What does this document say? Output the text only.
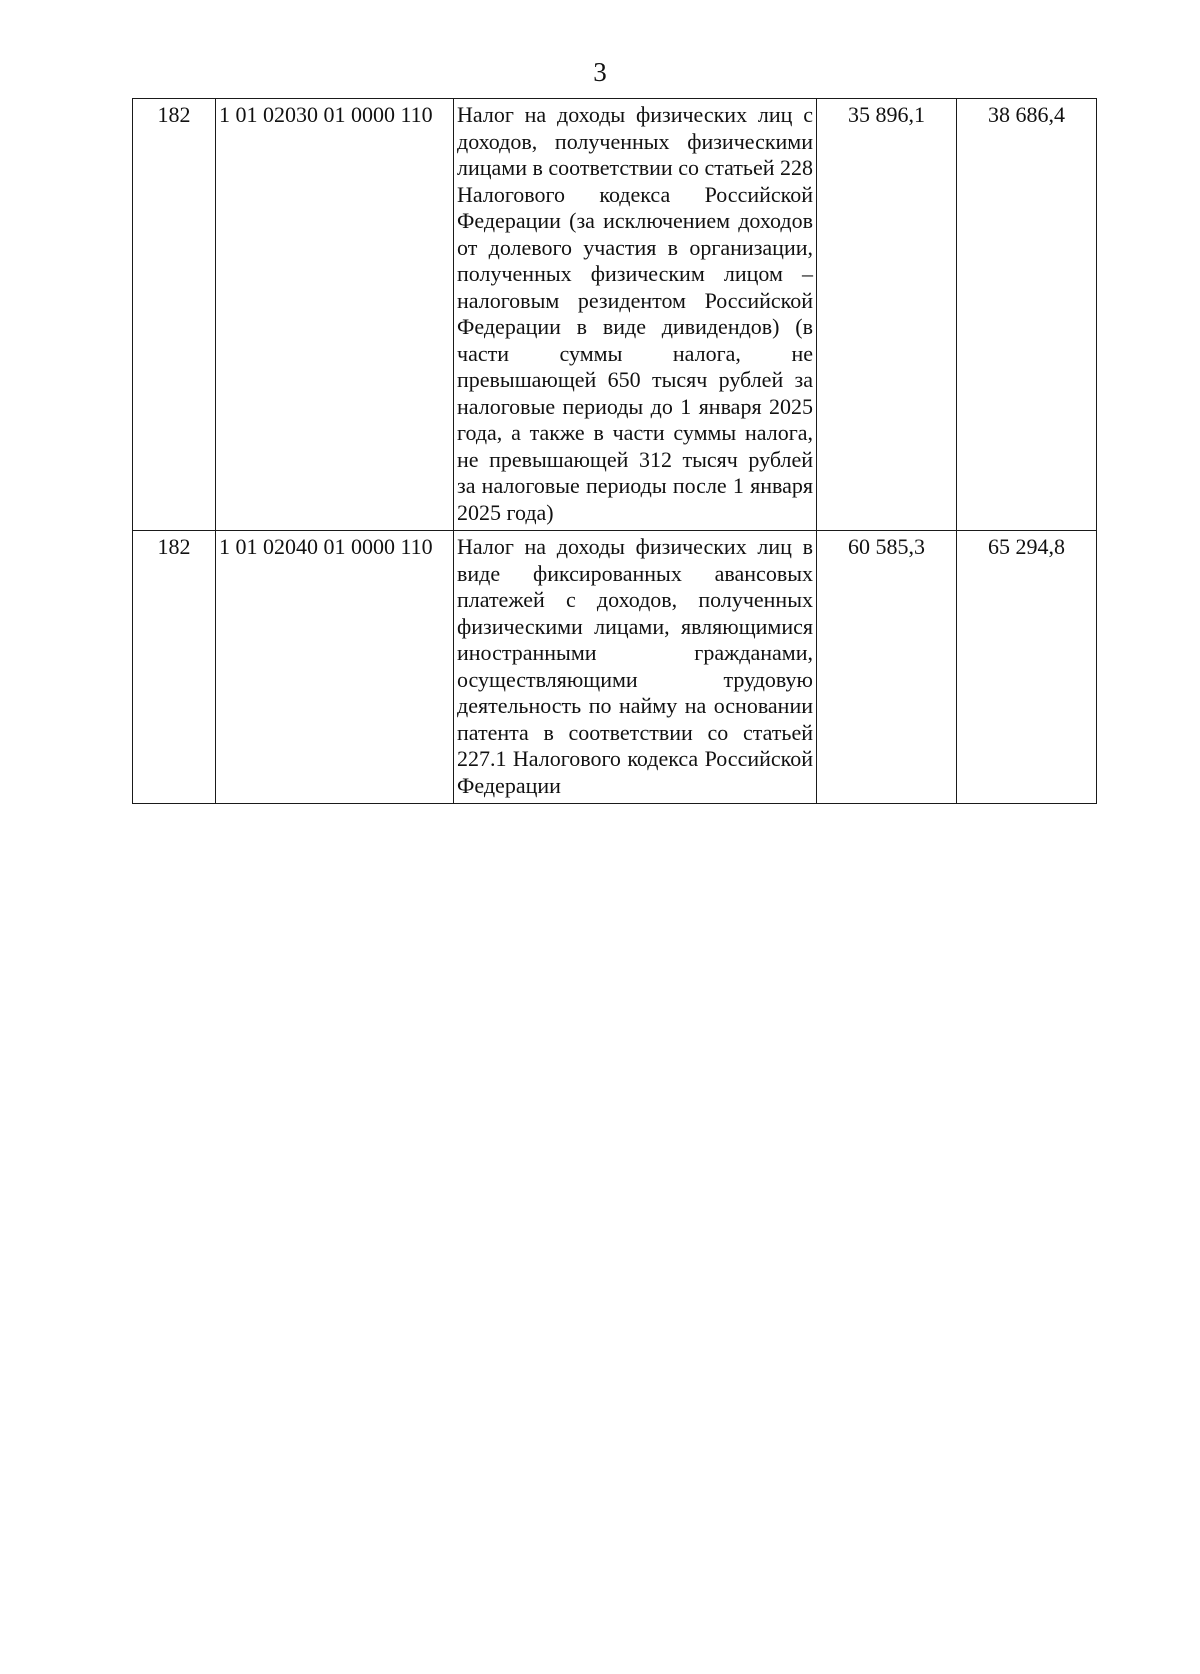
3
182	1 01 02030 01 0000 110	Налог на доходы физических лиц с доходов, полученных физическими лицами в соответствии со статьей 228 Налогового кодекса Российской Федерации (за исключением доходов от долевого участия в организации, полученных физическим лицом – налоговым резидентом Российской Федерации в виде дивидендов) (в части суммы налога, не превышающей 650 тысяч рублей за налоговые периоды до 1 января 2025 года, а также в части суммы налога, не превышающей 312 тысяч рублей за налоговые периоды после 1 января 2025 года)	35 896,1	38 686,4
182	1 01 02040 01 0000 110	Налог на доходы физических лиц в виде фиксированных авансовых платежей с доходов, полученных физическими лицами, являющимися иностранными гражданами, осуществляющими трудовую деятельность по найму на основании патента в соответствии со статьей 227.1 Налогового кодекса Российской Федерации	60 585,3	65 294,8
